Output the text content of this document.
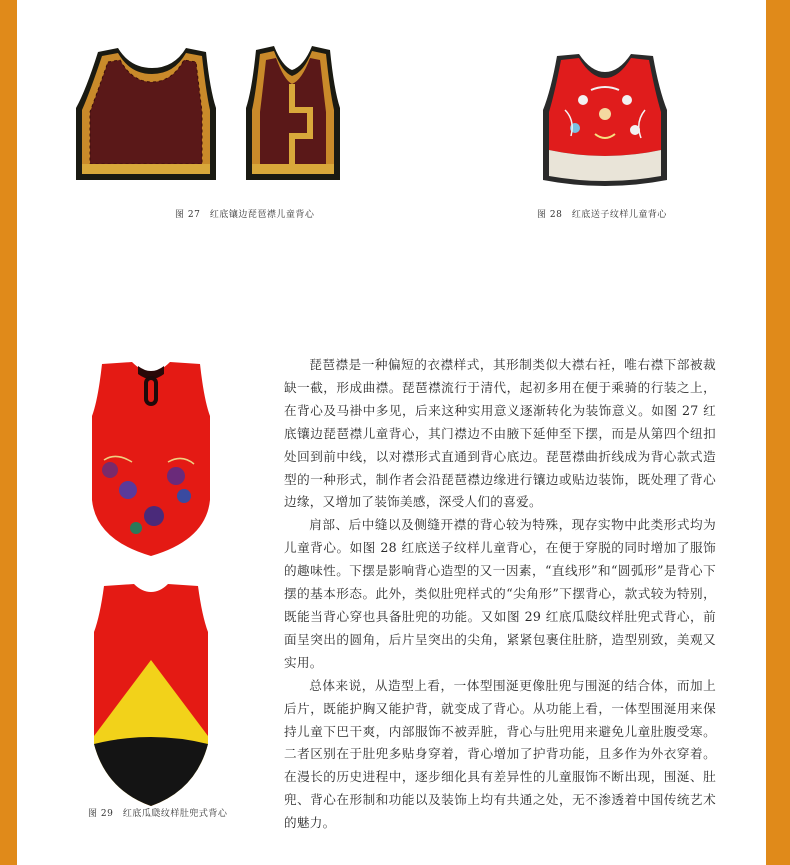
图 27　红底镶边琵琶襟儿童背心	图 28　红底送子纹样儿童背心
图 29　红底瓜瓞纹样肚兜式背心

琵琶襟是一种偏短的衣襟样式，其形制类似大襟右衽，唯右襟下部被裁缺一截，形成曲襟。琵琶襟流行于清代，起初多用在便于乘骑的行装之上，在背心及马褂中多见，后来这种实用意义逐渐转化为装饰意义。如图 27 红底镶边琵琶襟儿童背心，其门襟边不由腋下延伸至下摆，而是从第四个纽扣处回到前中线，以对襟形式直通到背心底边。琵琶襟曲折线成为背心款式造型的一种形式，制作者会沿琵琶襟边缘进行镶边或贴边装饰，既处理了背心边缘，又增加了装饰美感，深受人们的喜爱。

肩部、后中缝以及侧缝开襟的背心较为特殊，现存实物中此类形式均为儿童背心。如图 28 红底送子纹样儿童背心，在便于穿脱的同时增加了服饰的趣味性。下摆是影响背心造型的又一因素，“直线形”和“圆弧形”是背心下摆的基本形态。此外，类似肚兜样式的“尖角形”下摆背心，款式较为特别，既能当背心穿也具备肚兜的功能。又如图 29 红底瓜瓞纹样肚兜式背心，前面呈突出的圆角，后片呈突出的尖角，紧紧包裹住肚脐，造型别致，美观又实用。

总体来说，从造型上看，一体型围涎更像肚兜与围涎的结合体，而加上后片，既能护胸又能护背，就变成了背心。从功能上看，一体型围涎用来保持儿童下巴干爽，内部服饰不被弄脏，背心与肚兜用来避免儿童肚腹受寒。二者区别在于肚兜多贴身穿着，背心增加了护背功能，且多作为外衣穿着。在漫长的历史进程中，逐步细化具有差异性的儿童服饰不断出现，围涎、肚兜、背心在形制和功能以及装饰上均有共通之处，无不渗透着中国传统艺术的魅力。
